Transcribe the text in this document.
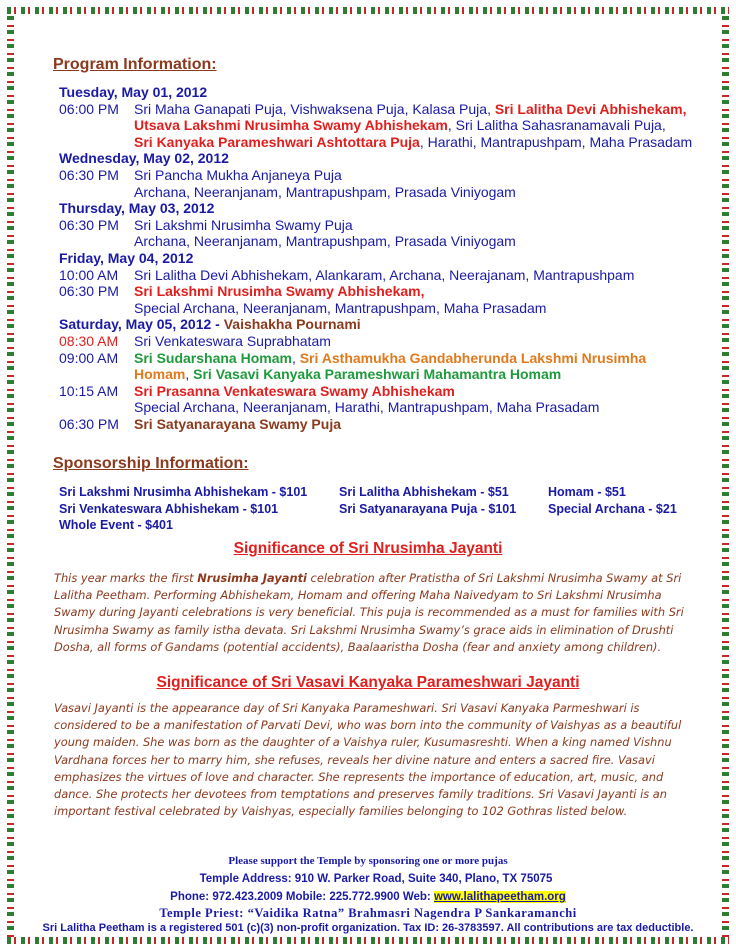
Program Information:
Tuesday, May 01, 2012
06:00 PM	Sri Maha Ganapati Puja, Vishwaksena Puja, Kalasa Puja, Sri Lalitha Devi Abhishekam,
Utsava Lakshmi Nrusimha Swamy Abhishekam, Sri Lalitha Sahasranamavali Puja,
Sri Kanyaka Parameshwari Ashtottara Puja, Harathi, Mantrapushpam, Maha Prasadam
Wednesday, May 02, 2012
06:30 PM	Sri Pancha Mukha Anjaneya Puja
Archana, Neeranjanam, Mantrapushpam, Prasada Viniyogam
Thursday, May 03, 2012
06:30 PM	Sri Lakshmi Nrusimha Swamy Puja
Archana, Neeranjanam, Mantrapushpam, Prasada Viniyogam
Friday, May 04, 2012
10:00 AM	Sri Lalitha Devi Abhishekam, Alankaram, Archana, Neerajanam, Mantrapushpam
06:30 PM	Sri Lakshmi Nrusimha Swamy Abhishekam,
Special Archana, Neeranjanam, Mantrapushpam, Maha Prasadam
Saturday, May 05, 2012 - Vaishakha Pournami
08:30 AM	Sri Venkateswara Suprabhatam
09:00 AM	Sri Sudarshana Homam, Sri Asthamukha Gandabherunda Lakshmi Nrusimha
Homam, Sri Vasavi Kanyaka Parameshwari Mahamantra Homam
10:15 AM	Sri Prasanna Venkateswara Swamy Abhishekam
Special Archana, Neeranjanam, Harathi, Mantrapushpam, Maha Prasadam
06:30 PM	Sri Satyanarayana Swamy Puja
Sponsorship Information:
Sri Lakshmi Nrusimha Abhishekam - $101	Sri Lalitha Abhishekam - $51	Homam - $51
Sri Venkateswara Abhishekam - $101	Sri Satyanarayana Puja - $101	Special Archana - $21
Whole Event - $401
Significance of Sri Nrusimha Jayanti
This year marks the first Nrusimha Jayanti celebration after Pratistha of Sri Lakshmi Nrusimha Swamy at Sri Lalitha Peetham. Performing Abhishekam, Homam and offering Maha Naivedyam to Sri Lakshmi Nrusimha Swamy during Jayanti celebrations is very beneficial. This puja is recommended as a must for families with Sri Nrusimha Swamy as family istha devata. Sri Lakshmi Nrusimha Swamy’s grace aids in elimination of Drushti Dosha, all forms of Gandams (potential accidents), Baalaaristha Dosha (fear and anxiety among children).
Significance of Sri Vasavi Kanyaka Parameshwari Jayanti
Vasavi Jayanti is the appearance day of Sri Kanyaka Parameshwari. Sri Vasavi Kanyaka Parmeshwari is considered to be a manifestation of Parvati Devi, who was born into the community of Vaishyas as a beautiful young maiden. She was born as the daughter of a Vaishya ruler, Kusumasreshti. When a king named Vishnu Vardhana forces her to marry him, she refuses, reveals her divine nature and enters a sacred fire. Vasavi emphasizes the virtues of love and character. She represents the importance of education, art, music, and dance. She protects her devotees from temptations and preserves family traditions. Sri Vasavi Jayanti is an important festival celebrated by Vaishyas, especially families belonging to 102 Gothras listed below.
Please support the Temple by sponsoring one or more pujas
Temple Address: 910 W. Parker Road, Suite 340, Plano, TX 75075
Phone: 972.423.2009 Mobile: 225.772.9900 Web: www.lalithapeetham.org
Temple Priest: “Vaidika Ratna” Brahmasri Nagendra P Sankaramanchi
Sri Lalitha Peetham is a registered 501 (c)(3) non-profit organization. Tax ID: 26-3783597. All contributions are tax deductible.
